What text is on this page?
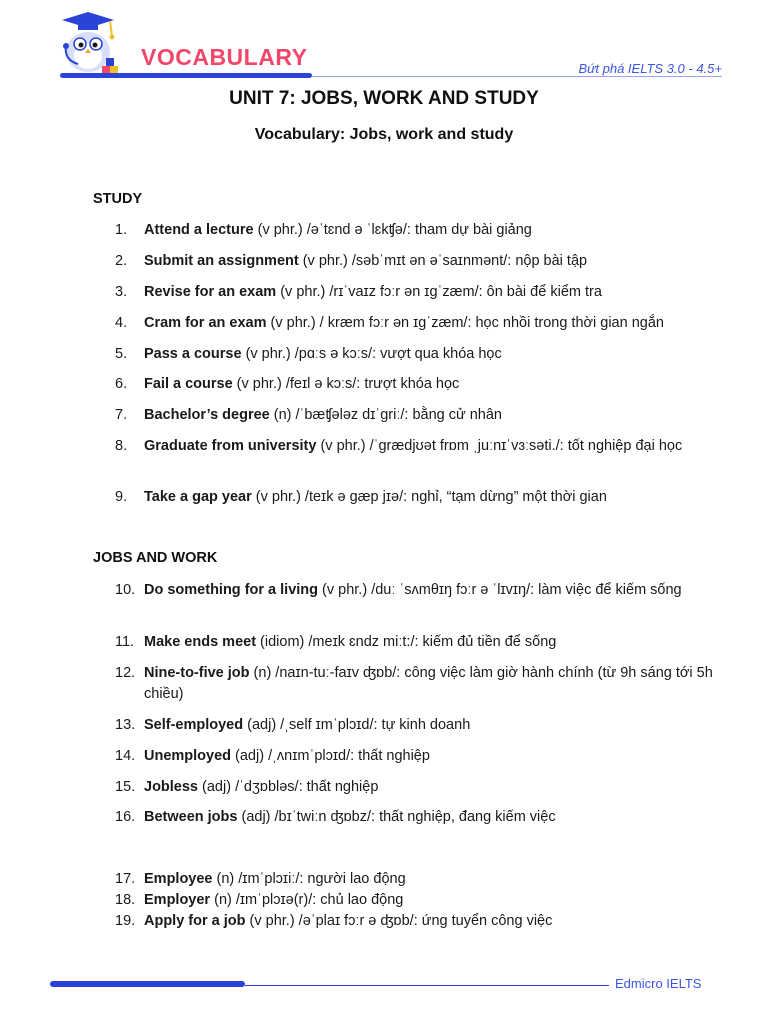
VOCABULARY	Bứt phá IELTS 3.0 - 4.5+
UNIT 7: JOBS, WORK AND STUDY
Vocabulary: Jobs, work and study
STUDY
1.	Attend a lecture (v phr.) /əˈtɛnd ə ˈlɛkʧə/: tham dự bài giảng
2.	Submit an assignment (v phr.) /səbˈmɪt ən əˈsaɪnmənt/: nộp bài tập
3.	Revise for an exam (v phr.) /rɪˈvaɪz fɔːr ən ɪɡˈzæm/: ôn bài để kiểm tra
4.	Cram for an exam (v phr.) / kræm fɔːr ən ɪɡˈzæm/: học nhồi trong thời gian ngắn
5.	Pass a course (v phr.) /pɑːs ə kɔːs/: vượt qua khóa học
6.	Fail a course (v phr.) /feɪl ə kɔːs/: trượt khóa học
7.	Bachelor’s degree (n) /ˈbæʧələz dɪˈɡriː/: bằng cử nhân
8.	Graduate from university (v phr.) /ˈɡrædjʊət frɒm ˌjuːnɪˈvɜːsəti./: tốt nghiệp đại học
9.	Take a gap year (v phr.) /teɪk ə ɡæp jɪə/: nghỉ, “tạm dừng” một thời gian
JOBS AND WORK
10. Do something for a living (v phr.) /duː ˈsʌmθɪŋ fɔːr ə ˈlɪvɪŋ/: làm việc để kiếm sống
11. Make ends meet (idiom) /meɪk ɛndz miːt:/: kiếm đủ tiền để sống
12. Nine-to-five job (n) /naɪn-tuː-faɪv ʤɒb/: công việc làm giờ hành chính (từ 9h sáng tới 5h chiều)
13. Self-employed (adj) /ˌself ɪmˈplɔɪd/: tự kinh doanh
14. Unemployed (adj) /ˌʌnɪmˈplɔɪd/: thất nghiệp
15. Jobless (adj) /ˈdʒɒbləs/: thất nghiệp
16. Between jobs (adj) /bɪˈtwiːn ʤɒbz/: thất nghiệp, đang kiếm việc
17. Employee (n) /ɪmˈplɔɪiː/: người lao động
18. Employer (n) /ɪmˈplɔɪə(r)/: chủ lao động
19. Apply for a job (v phr.) /əˈplaɪ fɔːr ə ʤɒb/: ứng tuyển công việc
Edmicro IELTS
